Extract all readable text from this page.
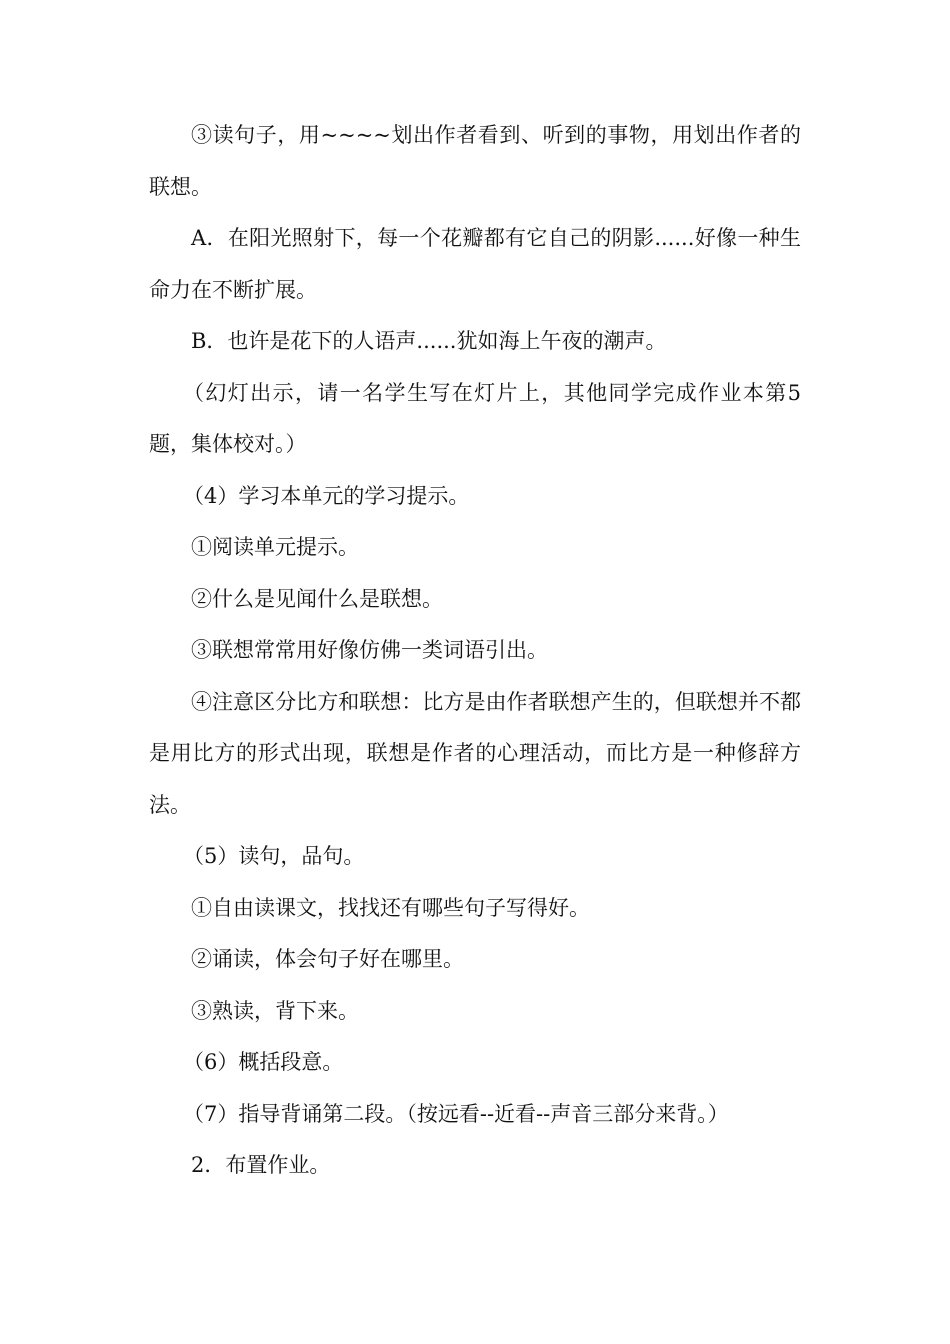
③读句子，用~~~~划出作者看到、听到的事物，用划出作者的联想。

A．在阳光照射下，每一个花瓣都有它自己的阴影......好像一种生命力在不断扩展。

B．也许是花下的人语声......犹如海上午夜的潮声。

（幻灯出示，请一名学生写在灯片上，其他同学完成作业本第5题，集体校对。）

（4）学习本单元的学习提示。

①阅读单元提示。

②什么是见闻什么是联想。

③联想常常用好像仿佛一类词语引出。

④注意区分比方和联想：比方是由作者联想产生的，但联想并不都是用比方的形式出现，联想是作者的心理活动，而比方是一种修辞方法。

（5）读句，品句。

①自由读课文，找找还有哪些句子写得好。

②诵读，体会句子好在哪里。

③熟读，背下来。

（6）概括段意。

（7）指导背诵第二段。（按远看--近看--声音三部分来背。）

2．布置作业。
